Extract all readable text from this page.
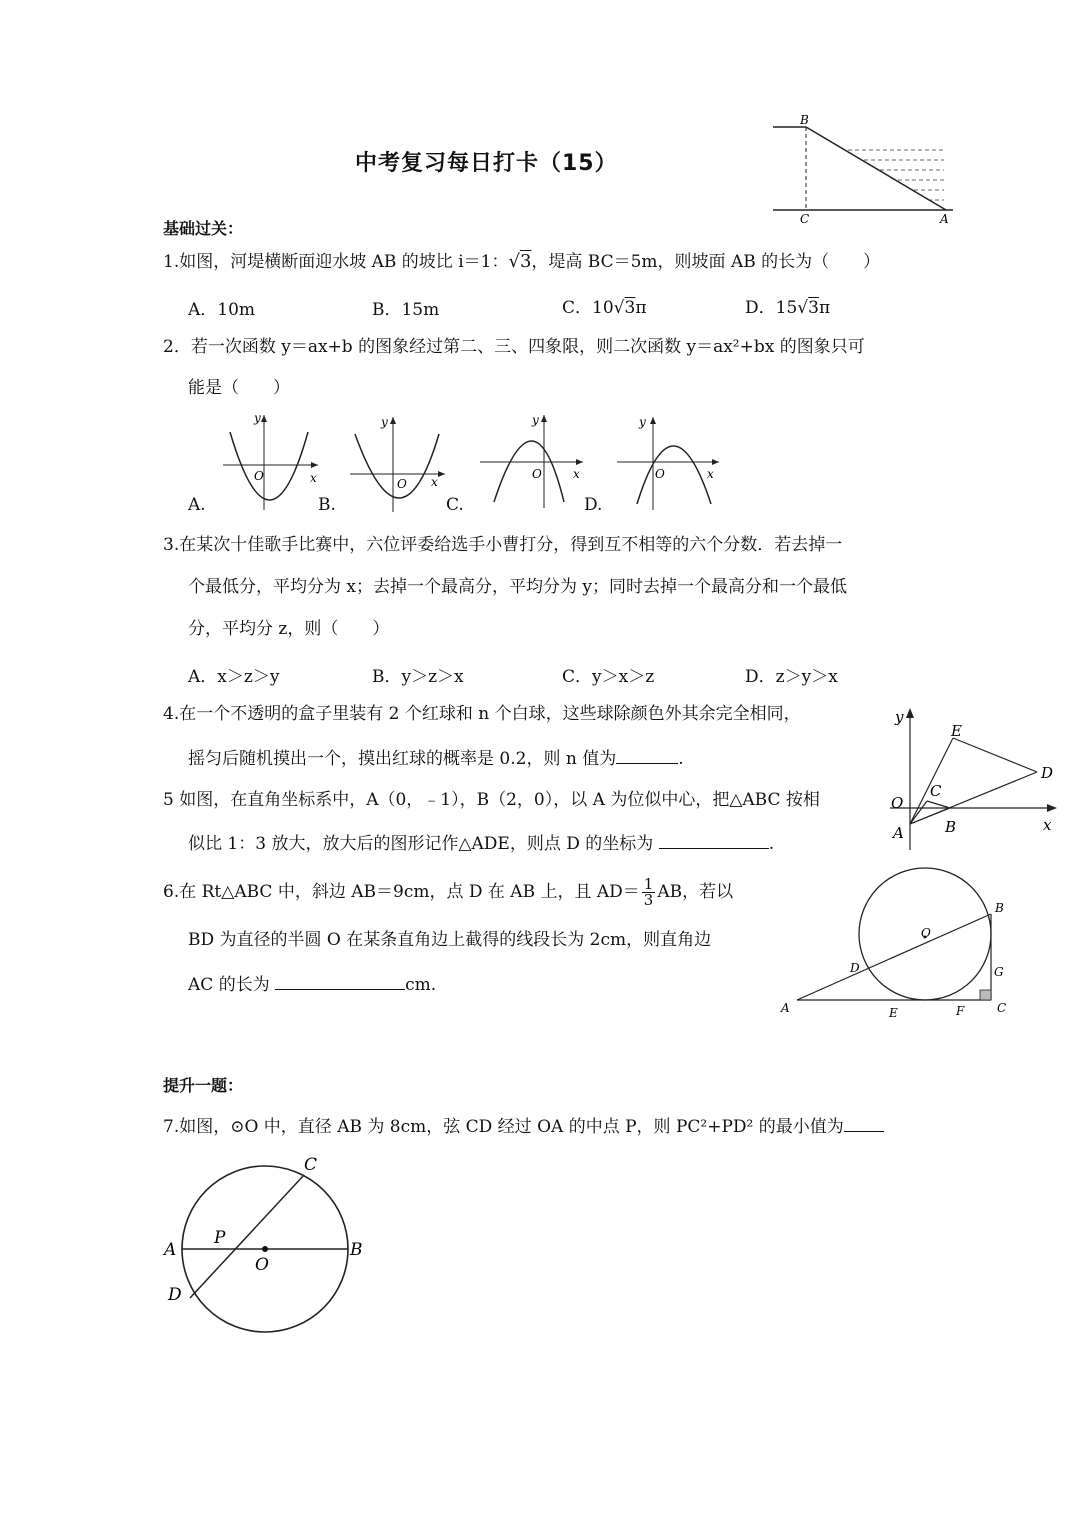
中考复习每日打卡（15）
B
C	A
基础过关：
1.如图，河堤横断面迎水坡 AB 的坡比 i＝1：√3，堤高 BC＝5m，则坡面 AB 的长为（　　）
A．10m	B．15m	C．10√3π	D．15√3π
2．若一次函数 y＝ax+b 的图象经过第二、三、四象限，则二次函数 y＝ax²+bx 的图象只可
能是（　　）
y
x
O
y
x
O
y
x
O
y
x
O
A.	B.	C.	D.
3.在某次十佳歌手比赛中，六位评委给选手小曹打分，得到互不相等的六个分数．若去掉一
个最低分，平均分为 x；去掉一个最高分，平均分为 y；同时去掉一个最高分和一个最低
分，平均分 z，则（　　）
A．x＞z＞y	B．y＞z＞x	C．y＞x＞z	D．z＞y＞x
4.在一个不透明的盒子里装有 2 个红球和 n 个白球，这些球除颜色外其余完全相同，
摇匀后随机摸出一个，摸出红球的概率是 0.2，则 n 值为	.
y
E
D
O
C
A	B	x
5 如图，在直角坐标系中，A（0，﹣1），B（2，0），以 A 为位似中心，把△ABC 按相
似比 1：3 放大，放大后的图形记作△ADE，则点 D 的坐标为	.
6.在 Rt△ABC 中，斜边 AB＝9cm，点 D 在 AB 上，且 $AD= \frac{1}{3}$ AB，若以
BD 为直径的半圆 O 在某条直角边上截得的线段长为 2cm，则直角边
AC 的长为	cm.
B
O
D	G
A	E	F	C
提升一题：
7.如图，⊙O 中，直径 AB 为 8cm，弦 CD 经过 OA 的中点 P，则 PC²+PD² 的最小值为
C
A
P
O
B
D
